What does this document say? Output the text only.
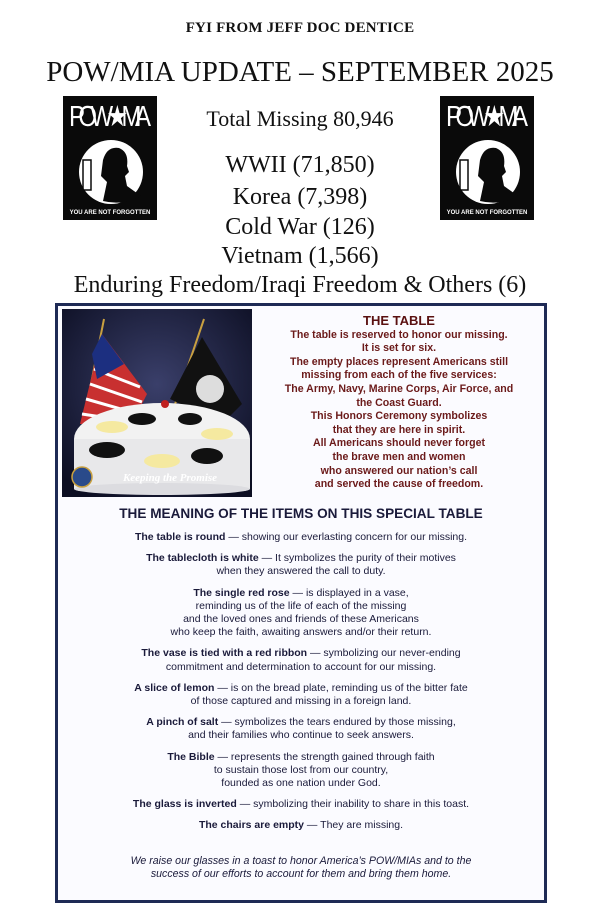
FYI FROM JEFF DOC DENTICE
POW/MIA UPDATE – SEPTEMBER 2025
POW★MIA
YOU ARE NOT FORGOTTEN
POW★MIA
YOU ARE NOT FORGOTTEN
Total Missing 80,946
WWII (71,850)
Korea (7,398)
Cold War (126)
Vietnam (1,566)
Enduring Freedom/Iraqi Freedom & Others (6)
Keeping the Promise
THE TABLE
The table is reserved to honor our missing.
It is set for six.
The empty places represent Americans still
missing from each of the five services:
The Army, Navy, Marine Corps, Air Force, and
the Coast Guard.
This Honors Ceremony symbolizes
that they are here in spirit.
All Americans should never forget
the brave men and women
who answered our nation’s call
and served the cause of freedom.
THE MEANING OF THE ITEMS ON THIS SPECIAL TABLE
The table is round — showing our everlasting concern for our missing.
The tablecloth is white — It symbolizes the purity of their motives
when they answered the call to duty.
The single red rose — is displayed in a vase,
reminding us of the life of each of the missing
and the loved ones and friends of these Americans
who keep the faith, awaiting answers and/or their return.
The vase is tied with a red ribbon — symbolizing our never-ending
commitment and determination to account for our missing.
A slice of lemon — is on the bread plate, reminding us of the bitter fate
of those captured and missing in a foreign land.
A pinch of salt — symbolizes the tears endured by those missing,
and their families who continue to seek answers.
The Bible — represents the strength gained through faith
to sustain those lost from our country,
founded as one nation under God.
The glass is inverted — symbolizing their inability to share in this toast.
The chairs are empty — They are missing.
We raise our glasses in a toast to honor America’s POW/MIAs and to the
success of our efforts to account for them and bring them home.
